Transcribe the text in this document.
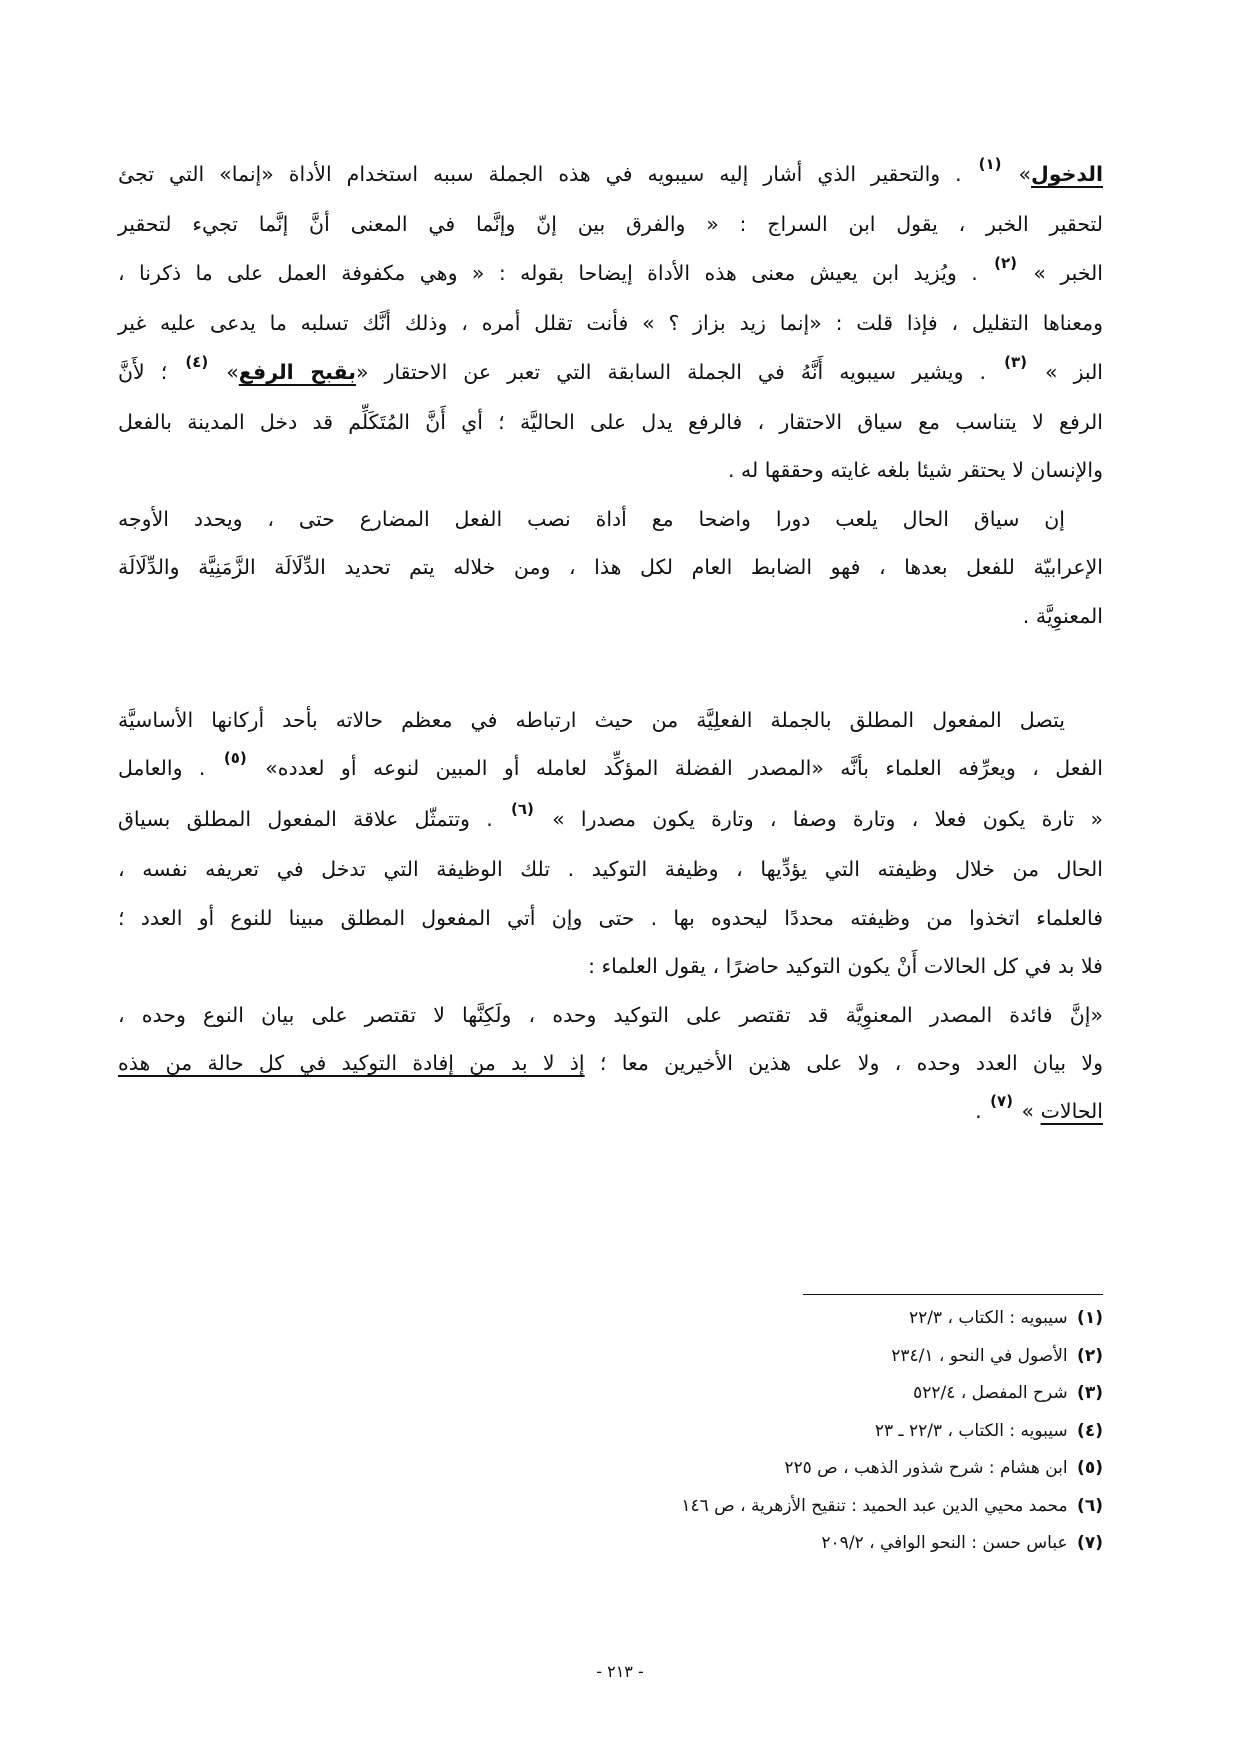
الدخول» $^{(١)}$ . والتحقير الذي أشار إليه سيبويه في هذه الجملة سببه استخدام الأداة «إنما» التي تجئ
لتحقير الخبر ، يقول ابن السراج : « والفرق بين إنّ وإنَّما في المعنى أنَّ إنَّما تجيء لتحقير
الخبر » $^{(٢)}$ . ويُزيد ابن يعيش معنى هذه الأداة إيضاحا بقوله : « وهي مكفوفة العمل على ما ذكرنا ،
ومعناها التقليل ، فإذا قلت : «إنما زيد بزاز ؟ » فأنت تقلل أمره ، وذلك أنَّك تسلبه ما يدعى عليه غير
البز » $^{(٣)}$ . ويشير سيبويه أَنَّهُ في الجملة السابقة التي تعبر عن الاحتقار «بقبح الرفع» $^{(٤)}$ ؛ لأَنَّ
الرفع لا يتناسب مع سياق الاحتقار ، فالرفع يدل على الحاليَّة ؛ أي أَنَّ المُتَكَلِّم قد دخل المدينة بالفعل
والإنسان لا يحتقر شيئا بلغه غايته وحققها له .
إن سياق الحال يلعب دورا واضحا مع أداة نصب الفعل المضارع حتى ، ويحدد الأوجه
الإعرابيّة للفعل بعدها ، فهو الضابط العام لكل هذا ، ومن خلاله يتم تحديد الدِّلَالَة الزَّمَنِيَّة والدِّلَالَة
المعنوِيَّة .
يتصل المفعول المطلق بالجملة الفعلِيَّة من حيث ارتباطه في معظم حالاته بأحد أركانها الأساسيَّة
الفعل ، ويعرِّفه العلماء بأنَّه «المصدر الفضلة المؤكِّد لعامله أو المبين لنوعه أو لعدده» $^{(٥)}$ . والعامل
« تارة يكون فعلا ، وتارة وصفا ، وتارة يكون مصدرا » $^{(٦)}$ . وتتمثّل علاقة المفعول المطلق بسياق
الحال من خلال وظيفته التي يؤدِّيها ، وظيفة التوكيد . تلك الوظيفة التي تدخل في تعريفه نفسه ،
فالعلماء اتخذوا من وظيفته محددًا ليحدوه بها . حتى وإن أتي المفعول المطلق مبينا للنوع أو العدد ؛
فلا بد في كل الحالات أَنْ يكون التوكيد حاضرًا ، يقول العلماء :
«إنَّ فائدة المصدر المعنوِيَّة قد تقتصر على التوكيد وحده ، ولَكِنَّها لا تقتصر على بيان النوع وحده ،
ولا بيان العدد وحده ، ولا على هذين الأخيرين معا ؛ إذ لا بد من إفادة التوكيد في كل حالة من هذه
الحالات » $^{(٧)}$ .
(١) سيبويه : الكتاب ، ٢٢/٣
(٢) الأصول في النحو ، ٢٣٤/١
(٣) شرح المفصل ، ٥٢٢/٤
(٤) سيبويه : الكتاب ، ٢٢/٣ ـ ٢٣
(٥) ابن هشام : شرح شذور الذهب ، ص ٢٢٥
(٦) محمد محيي الدين عبد الحميد : تنقيح الأزهرية ، ص ١٤٦
(٧) عباس حسن : النحو الوافي ، ٢٠٩/٢
- ٢١٣ -
